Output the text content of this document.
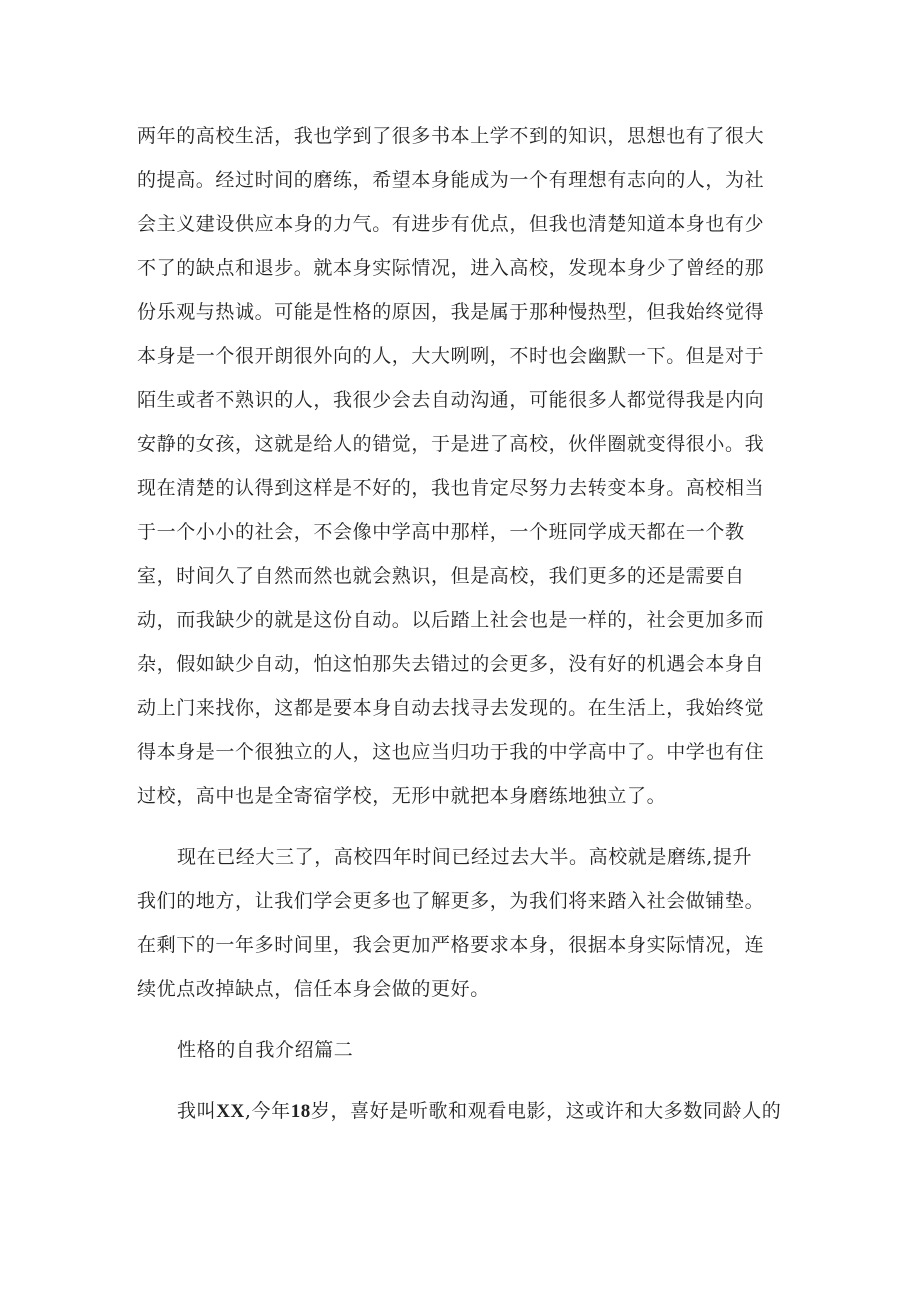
两年的高校生活，我也学到了很多书本上学不到的知识，思想也有了很大
的提高。经过时间的磨练，希望本身能成为一个有理想有志向的人，为社
会主义建设供应本身的力气。有进步有优点，但我也清楚知道本身也有少
不了的缺点和退步。就本身实际情况，进入高校，发现本身少了曾经的那
份乐观与热诚。可能是性格的原因，我是属于那种慢热型，但我始终觉得
本身是一个很开朗很外向的人，大大咧咧，不时也会幽默一下。但是对于
陌生或者不熟识的人，我很少会去自动沟通，可能很多人都觉得我是内向
安静的女孩，这就是给人的错觉，于是进了高校，伙伴圈就变得很小。我
现在清楚的认得到这样是不好的，我也肯定尽努力去转变本身。高校相当
于一个小小的社会，不会像中学高中那样，一个班同学成天都在一个教
室，时间久了自然而然也就会熟识，但是高校，我们更多的还是需要自
动，而我缺少的就是这份自动。以后踏上社会也是一样的，社会更加多而
杂，假如缺少自动，怕这怕那失去错过的会更多，没有好的机遇会本身自
动上门来找你，这都是要本身自动去找寻去发现的。在生活上，我始终觉
得本身是一个很独立的人，这也应当归功于我的中学高中了。中学也有住
过校，高中也是全寄宿学校，无形中就把本身磨练地独立了。
现在已经大三了，高校四年时间已经过去大半。高校就是磨练,提升
我们的地方，让我们学会更多也了解更多，为我们将来踏入社会做铺垫。
在剩下的一年多时间里，我会更加严格要求本身，很据本身实际情况，连
续优点改掉缺点，信任本身会做的更好。
性格的自我介绍篇二
我叫XX,今年18岁，喜好是听歌和观看电影，这或许和大多数同龄人的
